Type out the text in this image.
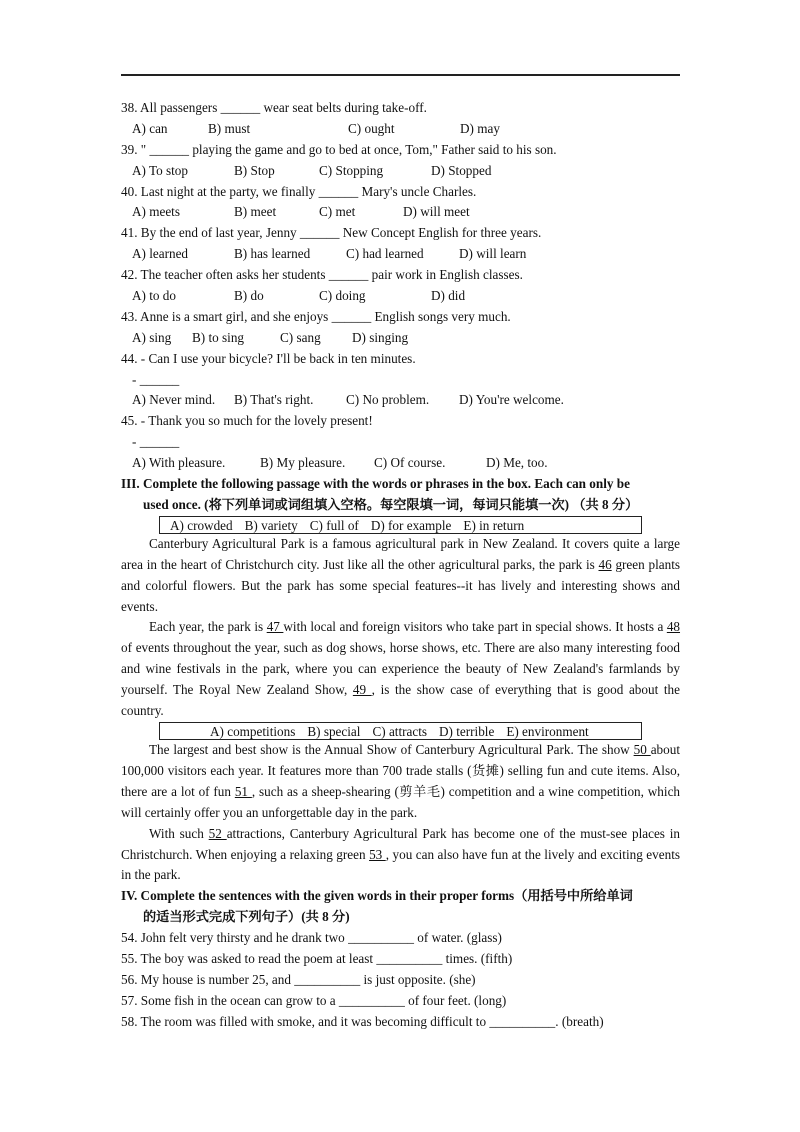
38. All passengers ______ wear seat belts during take-off.
A) can	B) must	C) ought	D) may
39. " ______ playing the game and go to bed at once, Tom," Father said to his son.
A) To stop	B) Stop	C) Stopping	D) Stopped
40. Last night at the party, we finally ______ Mary's uncle Charles.
A) meets	B) meet	C) met	D) will meet
41. By the end of last year, Jenny ______ New Concept English for three years.
A) learned	B) has learned	C) had learned	D) will learn
42. The teacher often asks her students ______ pair work in English classes.
A) to do	B) do	C) doing	D) did
43. Anne is a smart girl, and she enjoys ______ English songs very much.
A) sing	B) to sing	C) sang	D) singing
44. - Can I use your bicycle? I'll be back in ten minutes.
- ______
A) Never mind.	B) That's right.	C) No problem.	D) You're welcome.
45. - Thank you so much for the lovely present!
- ______
A) With pleasure.	B) My pleasure.	C) Of course.	D) Me, too.
III. Complete the following passage with the words or phrases in the box. Each can only be
used once. (将下列单词或词组填入空格。每空限填一词，每词只能填一次) （共 8 分）
A) crowded B) variety C) full of D) for example E) in return
Canterbury Agricultural Park is a famous agricultural park in New Zealand. It covers quite a large area in the heart of Christchurch city. Just like all the other agricultural parks, the park is 46 green plants and colorful flowers. But the park has some special features--it has lively and interesting shows and events.
Each year, the park is 47 with local and foreign visitors who take part in special shows. It hosts a 48 of events throughout the year, such as dog shows, horse shows, etc. There are also many interesting food and wine festivals in the park, where you can experience the beauty of New Zealand's farmlands by yourself. The Royal New Zealand Show, 49 , is the show case of everything that is good about the country.
A) competitions B) special C) attracts D) terrible E) environment
The largest and best show is the Annual Show of Canterbury Agricultural Park. The show 50 about 100,000 visitors each year. It features more than 700 trade stalls (货摊) selling fun and cute items. Also, there are a lot of fun 51 , such as a sheep-shearing (剪羊毛) competition and a wine competition, which will certainly offer you an unforgettable day in the park.
With such 52 attractions, Canterbury Agricultural Park has become one of the must-see places in Christchurch. When enjoying a relaxing green 53 , you can also have fun at the lively and exciting events in the park.
IV. Complete the sentences with the given words in their proper forms（用括号中所给单词
的适当形式完成下列句子）(共 8 分)
54. John felt very thirsty and he drank two __________ of water. (glass)
55. The boy was asked to read the poem at least __________ times. (fifth)
56. My house is number 25, and __________ is just opposite. (she)
57. Some fish in the ocean can grow to a __________ of four feet. (long)
58. The room was filled with smoke, and it was becoming difficult to __________. (breath)
